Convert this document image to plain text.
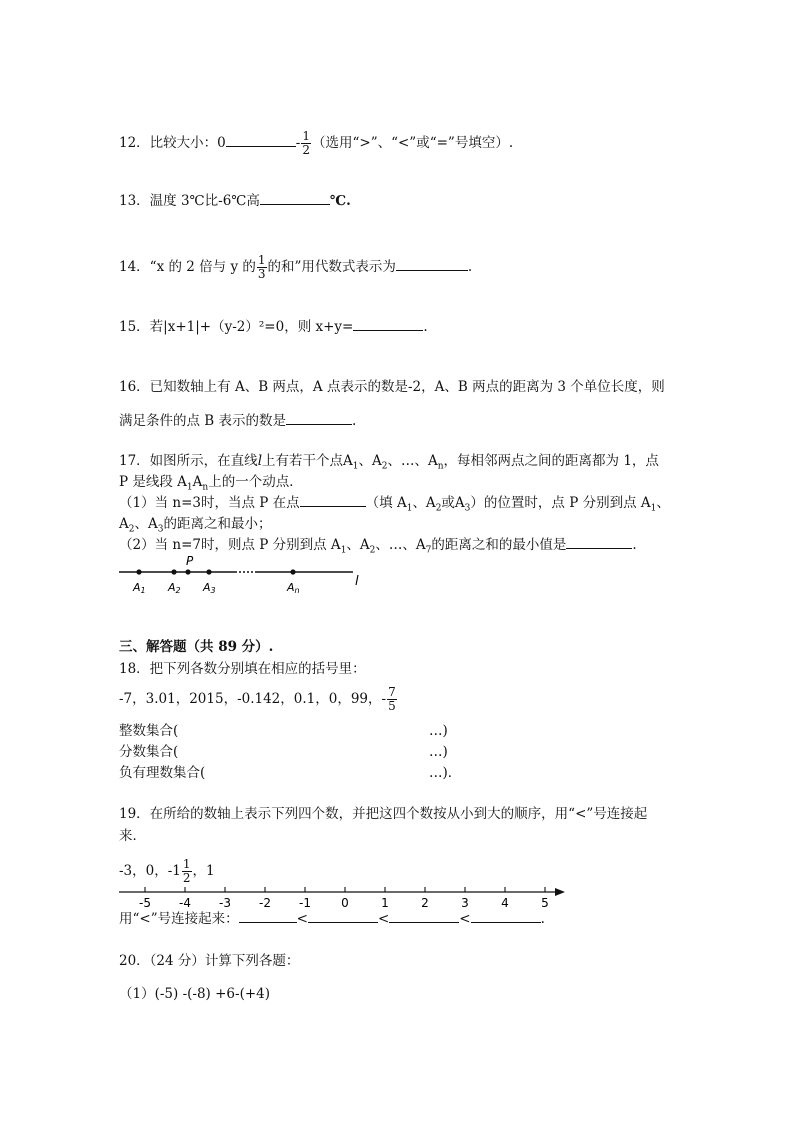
12．比较大小：0	- $\frac{1}{2}$ （选用“>”、“<”或“=”号填空）.
13．温度 3℃比-6℃高	℃.
14．“x 的 2 倍与 y 的 $\frac{1}{3}$ 的和”用代数式表示为	.
15．若|x+1|+（y-2）²=0，则 x+y=	.
16．已知数轴上有 A、B 两点，A 点表示的数是-2，A、B 两点的距离为 3 个单位长度，则
满足条件的点 B 表示的数是	.
17．如图所示，在直线l上有若干个点$A_1$、$A_2$、…、$A_n$，每相邻两点之间的距离都为 1，点
P 是线段 $A_1A_n$上的一个动点．
（1）当 n=3时，当点 P 在点	（填 $A_1$、$A_2$或$A_3$）的位置时，点 P 分别到点 $A_1$、
$A_2$、$A_3$的距离之和最小；
（2）当 n=7时，则点 P 分别到点 $A_1$、$A_2$、…、$A_7$的距离之和的最小值是	.
P
A1 A2 A3	An
l
三、解答题（共 89 分）.
18．把下列各数分别填在相应的括号里：
-7，3.01，2015，-0.142，0.1，0，99，- $\frac{7}{5}$
整数集合(	…)
分数集合(	…)
负有理数集合(	…)．
19．在所给的数轴上表示下列四个数，并把这四个数按从小到大的顺序，用“<”号连接起
来．
-3，0，$-1 \frac{1}{2}$ ，1
-5 -4 -3 -2 -1	0	1	2	3	4	5
用“<”号连接起来：	<	<	<	.
20．（24 分）计算下列各题：
（1）(-5) -(-8) +6-(+4)
